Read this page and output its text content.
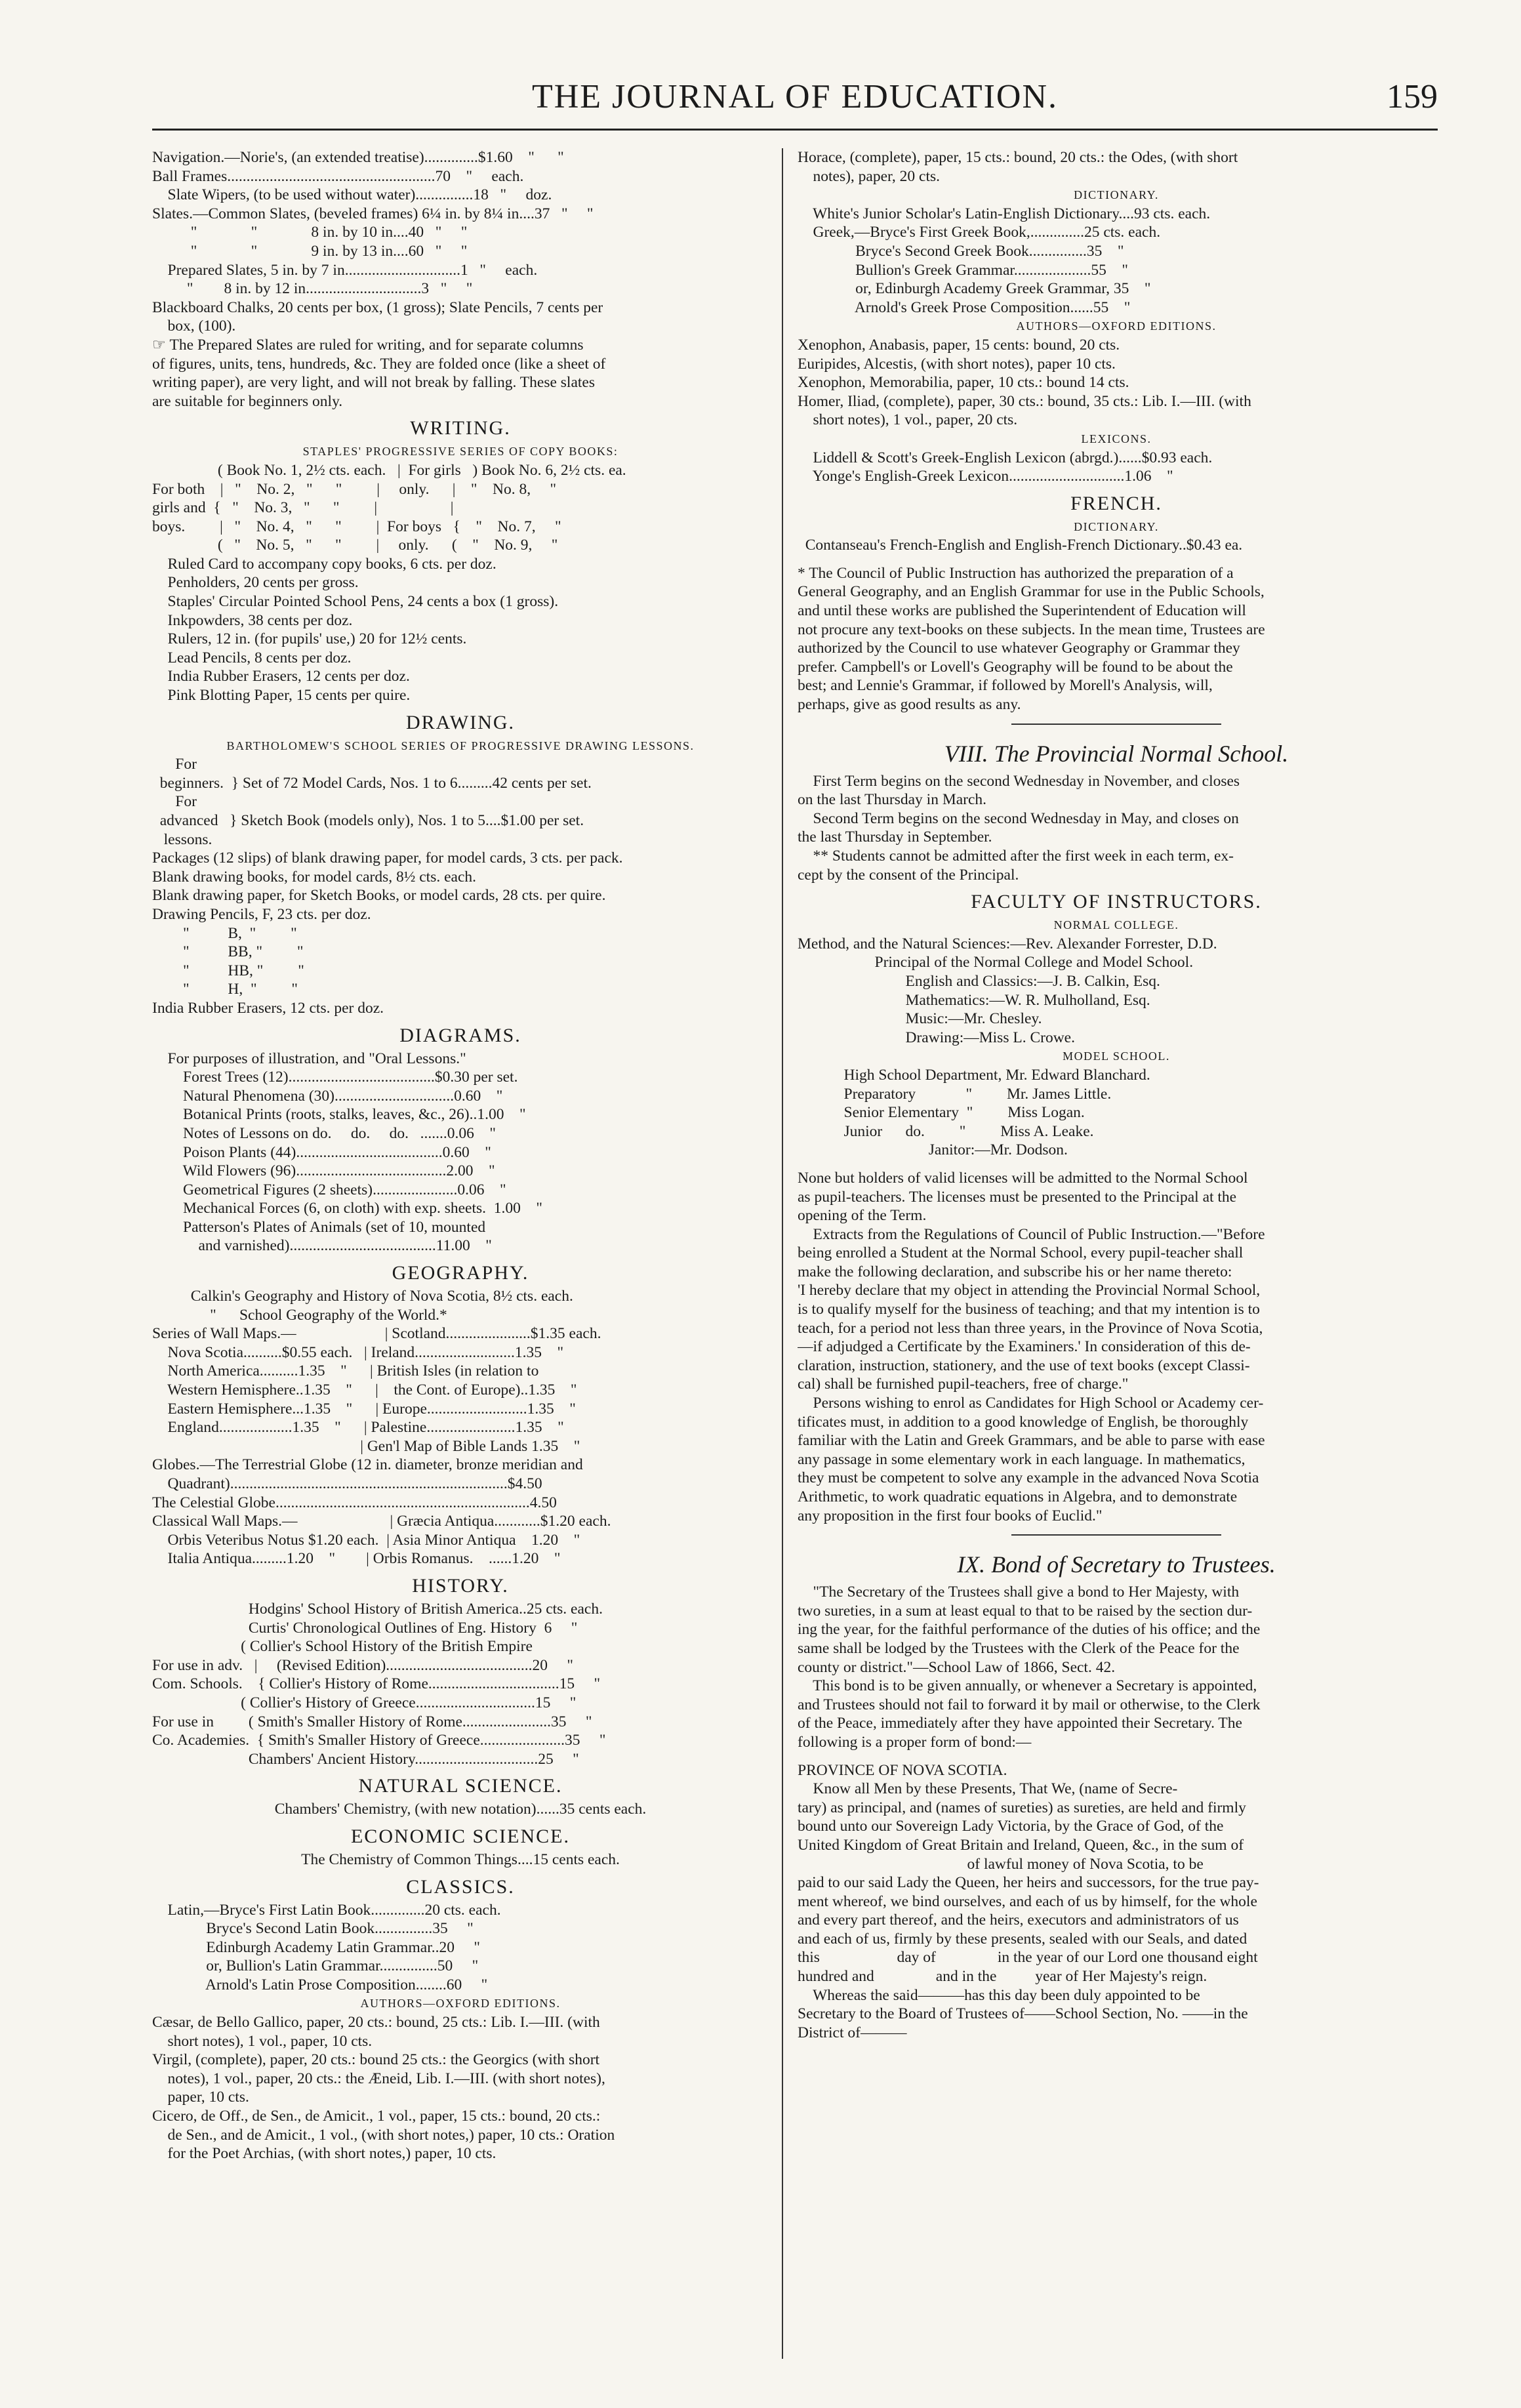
THE JOURNAL OF EDUCATION.	159
Navigation.—Norie's, (an extended treatise)..............$1.60    "      "
Ball Frames......................................................70    "     each.
Slate Wipers, (to be used without water)...............18   "     doz.
Slates.—Common Slates, (beveled frames) 6¼ in. by 8¼ in....37   "     "
"              "              8 in. by 10 in....40   "     "
"              "              9 in. by 13 in....60   "     "
Prepared Slates, 5 in. by 7 in..............................1   "     each.
"        8 in. by 12 in..............................3   "     "
Blackboard Chalks, 20 cents per box, (1 gross); Slate Pencils, 7 cents per
box, (100).
☞ The Prepared Slates are ruled for writing, and for separate columns
of figures, units, tens, hundreds, &c. They are folded once (like a sheet of
writing paper), are very light, and will not break by falling. These slates
are suitable for beginners only.
WRITING.
STAPLES' PROGRESSIVE SERIES OF COPY BOOKS:
( Book No. 1, 2½ cts. each.   |  For girls   ) Book No. 6, 2½ cts. ea.
For both    |   "    No. 2,   "      "         |     only.      |    "    No. 8,     "
girls and  {   "    No. 3,   "      "         |                   |
boys.         |   "    No. 4,   "      "         |  For boys   {    "    No. 7,     "
(   "    No. 5,   "      "         |     only.      (    "    No. 9,     "
Ruled Card to accompany copy books, 6 cts. per doz.
Penholders, 20 cents per gross.
Staples' Circular Pointed School Pens, 24 cents a box (1 gross).
Inkpowders, 38 cents per doz.
Rulers, 12 in. (for pupils' use,) 20 for 12½ cents.
Lead Pencils, 8 cents per doz.
India Rubber Erasers, 12 cents per doz.
Pink Blotting Paper, 15 cents per quire.
DRAWING.
BARTHOLOMEW'S SCHOOL SERIES OF PROGRESSIVE DRAWING LESSONS.
For
beginners.  } Set of 72 Model Cards, Nos. 1 to 6.........42 cents per set.
For
advanced   } Sketch Book (models only), Nos. 1 to 5....$1.00 per set.
lessons.
Packages (12 slips) of blank drawing paper, for model cards, 3 cts. per pack.
Blank drawing books, for model cards, 8½ cts. each.
Blank drawing paper, for Sketch Books, or model cards, 28 cts. per quire.
Drawing Pencils, F, 23 cts. per doz.
"          B,  "         "
"          BB, "         "
"          HB, "         "
"          H,  "         "
India Rubber Erasers, 12 cts. per doz.
DIAGRAMS.
For purposes of illustration, and "Oral Lessons."
Forest Trees (12)......................................$0.30 per set.
Natural Phenomena (30)...............................0.60    "
Botanical Prints (roots, stalks, leaves, &c., 26)..1.00    "
Notes of Lessons on do.     do.     do.   .......0.06    "
Poison Plants (44)......................................0.60    "
Wild Flowers (96).......................................2.00    "
Geometrical Figures (2 sheets)......................0.06    "
Mechanical Forces (6, on cloth) with exp. sheets.  1.00    "
Patterson's Plates of Animals (set of 10, mounted
and varnished)......................................11.00    "
GEOGRAPHY.
Calkin's Geography and History of Nova Scotia, 8½ cts. each.
"      School Geography of the World.*
Series of Wall Maps.—                       | Scotland......................$1.35 each.
Nova Scotia..........$0.55 each.   | Ireland..........................1.35    "
North America..........1.35    "      | British Isles (in relation to
Western Hemisphere..1.35    "      |    the Cont. of Europe)..1.35    "
Eastern Hemisphere...1.35    "      | Europe..........................1.35    "
England...................1.35    "      | Palestine.......................1.35    "
| Gen'l Map of Bible Lands 1.35    "
Globes.—The Terrestrial Globe (12 in. diameter, bronze meridian and
Quadrant)........................................................................$4.50
The Celestial Globe..................................................................4.50
Classical Wall Maps.—                        | Græcia Antiqua............$1.20 each.
Orbis Veteribus Notus $1.20 each.  | Asia Minor Antiqua    1.20    "
Italia Antiqua.........1.20    "        | Orbis Romanus.    ......1.20    "
HISTORY.
Hodgins' School History of British America..25 cts. each.
Curtis' Chronological Outlines of Eng. History  6     "
( Collier's School History of the British Empire
For use in adv.   |     (Revised Edition)......................................20     "
Com. Schools.    { Collier's History of Rome..................................15     "
( Collier's History of Greece...............................15     "
For use in         ( Smith's Smaller History of Rome.......................35     "
Co. Academies.  { Smith's Smaller History of Greece......................35     "
Chambers' Ancient History................................25     "
NATURAL SCIENCE.
Chambers' Chemistry, (with new notation)......35 cents each.
ECONOMIC SCIENCE.
The Chemistry of Common Things....15 cents each.
CLASSICS.
Latin,—Bryce's First Latin Book..............20 cts. each.
Bryce's Second Latin Book...............35     "
Edinburgh Academy Latin Grammar..20     "
or, Bullion's Latin Grammar...............50     "
Arnold's Latin Prose Composition........60     "
AUTHORS—OXFORD EDITIONS.
Cæsar, de Bello Gallico, paper, 20 cts.: bound, 25 cts.: Lib. I.—III. (with
short notes), 1 vol., paper, 10 cts.
Virgil, (complete), paper, 20 cts.: bound 25 cts.: the Georgics (with short
notes), 1 vol., paper, 20 cts.: the Æneid, Lib. I.—III. (with short notes),
paper, 10 cts.
Cicero, de Off., de Sen., de Amicit., 1 vol., paper, 15 cts.: bound, 20 cts.:
de Sen., and de Amicit., 1 vol., (with short notes,) paper, 10 cts.: Oration
for the Poet Archias, (with short notes,) paper, 10 cts.
Horace, (complete), paper, 15 cts.: bound, 20 cts.: the Odes, (with short
notes), paper, 20 cts.
DICTIONARY.
White's Junior Scholar's Latin-English Dictionary....93 cts. each.
Greek,—Bryce's First Greek Book,..............25 cts. each.
Bryce's Second Greek Book...............35    "
Bullion's Greek Grammar....................55    "
or, Edinburgh Academy Greek Grammar, 35    "
Arnold's Greek Prose Composition......55    "
AUTHORS—OXFORD EDITIONS.
Xenophon, Anabasis, paper, 15 cents: bound, 20 cts.
Euripides, Alcestis, (with short notes), paper 10 cts.
Xenophon, Memorabilia, paper, 10 cts.: bound 14 cts.
Homer, Iliad, (complete), paper, 30 cts.: bound, 35 cts.: Lib. I.—III. (with
short notes), 1 vol., paper, 20 cts.
LEXICONS.
Liddell & Scott's Greek-English Lexicon (abrgd.)......$0.93 each.
Yonge's English-Greek Lexicon..............................1.06    "
FRENCH.
DICTIONARY.
Contanseau's French-English and English-French Dictionary..$0.43 ea.
* The Council of Public Instruction has authorized the preparation of a
General Geography, and an English Grammar for use in the Public Schools,
and until these works are published the Superintendent of Education will
not procure any text-books on these subjects. In the mean time, Trustees are
authorized by the Council to use whatever Geography or Grammar they
prefer. Campbell's or Lovell's Geography will be found to be about the
best; and Lennie's Grammar, if followed by Morell's Analysis, will,
perhaps, give as good results as any.
VIII. The Provincial Normal School.
First Term begins on the second Wednesday in November, and closes
on the last Thursday in March.
Second Term begins on the second Wednesday in May, and closes on
the last Thursday in September.
** Students cannot be admitted after the first week in each term, ex-
cept by the consent of the Principal.
FACULTY OF INSTRUCTORS.
NORMAL COLLEGE.
Method, and the Natural Sciences:—Rev. Alexander Forrester, D.D.
Principal of the Normal College and Model School.
English and Classics:—J. B. Calkin, Esq.
Mathematics:—W. R. Mulholland, Esq.
Music:—Mr. Chesley.
Drawing:—Miss L. Crowe.
MODEL SCHOOL.
High School Department, Mr. Edward Blanchard.
Preparatory             "         Mr. James Little.
Senior Elementary  "         Miss Logan.
Junior      do.         "         Miss A. Leake.
Janitor:—Mr. Dodson.
None but holders of valid licenses will be admitted to the Normal School
as pupil-teachers. The licenses must be presented to the Principal at the
opening of the Term.
Extracts from the Regulations of Council of Public Instruction.—"Before
being enrolled a Student at the Normal School, every pupil-teacher shall
make the following declaration, and subscribe his or her name thereto:
'I hereby declare that my object in attending the Provincial Normal School,
is to qualify myself for the business of teaching; and that my intention is to
teach, for a period not less than three years, in the Province of Nova Scotia,
—if adjudged a Certificate by the Examiners.' In consideration of this de-
claration, instruction, stationery, and the use of text books (except Classi-
cal) shall be furnished pupil-teachers, free of charge."
Persons wishing to enrol as Candidates for High School or Academy cer-
tificates must, in addition to a good knowledge of English, be thoroughly
familiar with the Latin and Greek Grammars, and be able to parse with ease
any passage in some elementary work in each language. In mathematics,
they must be competent to solve any example in the advanced Nova Scotia
Arithmetic, to work quadratic equations in Algebra, and to demonstrate
any proposition in the first four books of Euclid."
IX. Bond of Secretary to Trustees.
"The Secretary of the Trustees shall give a bond to Her Majesty, with
two sureties, in a sum at least equal to that to be raised by the section dur-
ing the year, for the faithful performance of the duties of his office; and the
same shall be lodged by the Trustees with the Clerk of the Peace for the
county or district."—School Law of 1866, Sect. 42.
This bond is to be given annually, or whenever a Secretary is appointed,
and Trustees should not fail to forward it by mail or otherwise, to the Clerk
of the Peace, immediately after they have appointed their Secretary. The
following is a proper form of bond:—
PROVINCE OF NOVA SCOTIA.
Know all Men by these Presents, That We, (name of Secre-
tary) as principal, and (names of sureties) as sureties, are held and firmly
bound unto our Sovereign Lady Victoria, by the Grace of God, of the
United Kingdom of Great Britain and Ireland, Queen, &c., in the sum of
of lawful money of Nova Scotia, to be
paid to our said Lady the Queen, her heirs and successors, for the true pay-
ment whereof, we bind ourselves, and each of us by himself, for the whole
and every part thereof, and the heirs, executors and administrators of us
and each of us, firmly by these presents, sealed with our Seals, and dated
this                    day of                in the year of our Lord one thousand eight
hundred and                and in the          year of Her Majesty's reign.
Whereas the said———has this day been duly appointed to be
Secretary to the Board of Trustees of——School Section, No. ——in the
District of———
